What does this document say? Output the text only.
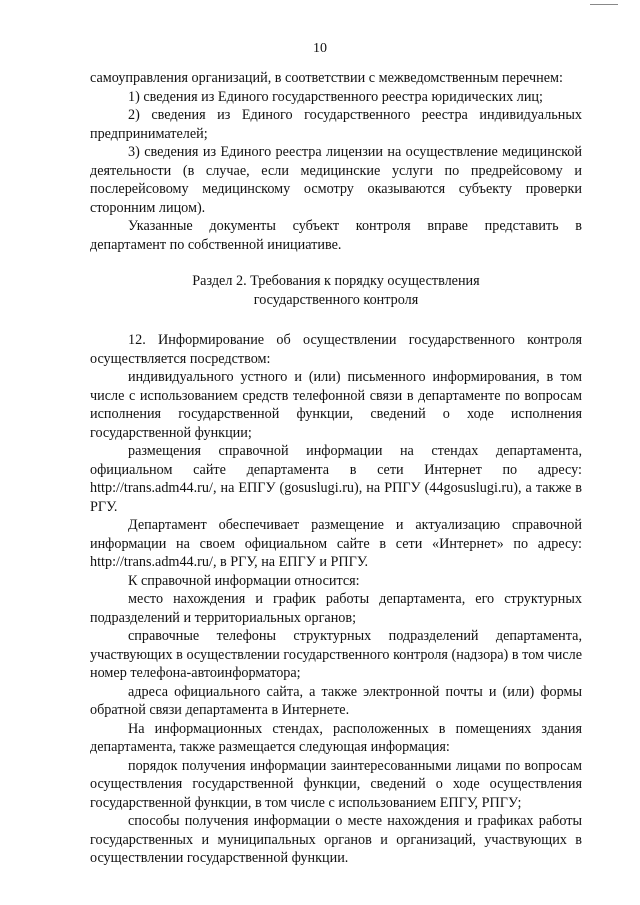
10

самоуправления организаций, в соответствии с межведомственным перечнем:

1) сведения из Единого государственного реестра юридических лиц;

2) сведения из Единого государственного реестра индивидуальных предпринимателей;

3) сведения из Единого реестра лицензии на осуществление медицинской деятельности (в случае, если медицинские услуги по предрейсовому и послерейсовому медицинскому осмотру оказываются субъекту проверки сторонним лицом).

Указанные документы субъект контроля вправе представить в департамент по собственной инициативе.

Раздел 2. Требования к порядку осуществления
государственного контроля

12. Информирование об осуществлении государственного контроля осуществляется посредством:

индивидуального устного и (или) письменного информирования, в том числе с использованием средств телефонной связи в департаменте по вопросам исполнения государственной функции, сведений о ходе исполнения государственной функции;

размещения справочной информации на стендах департамента, официальном сайте департамента в сети Интернет по адресу: http://trans.adm44.ru/, на ЕПГУ (gosuslugi.ru), на РПГУ (44gosuslugi.ru), а также в РГУ.

Департамент обеспечивает размещение и актуализацию справочной информации на своем официальном сайте в сети «Интернет» по адресу: http://trans.adm44.ru/, в РГУ, на ЕПГУ и РПГУ.

К справочной информации относится:

место нахождения и график работы департамента, его структурных подразделений и территориальных органов;

справочные телефоны структурных подразделений департамента, участвующих в осуществлении государственного контроля (надзора) в том числе номер телефона-автоинформатора;

адреса официального сайта, а также электронной почты и (или) формы обратной связи департамента в Интернете.

На информационных стендах, расположенных в помещениях здания департамента, также размещается следующая информация:

порядок получения информации заинтересованными лицами по вопросам осуществления государственной функции, сведений о ходе осуществления государственной функции, в том числе с использованием ЕПГУ, РПГУ;

способы получения информации о месте нахождения и графиках работы государственных и муниципальных органов и организаций, участвующих в осуществлении государственной функции.
